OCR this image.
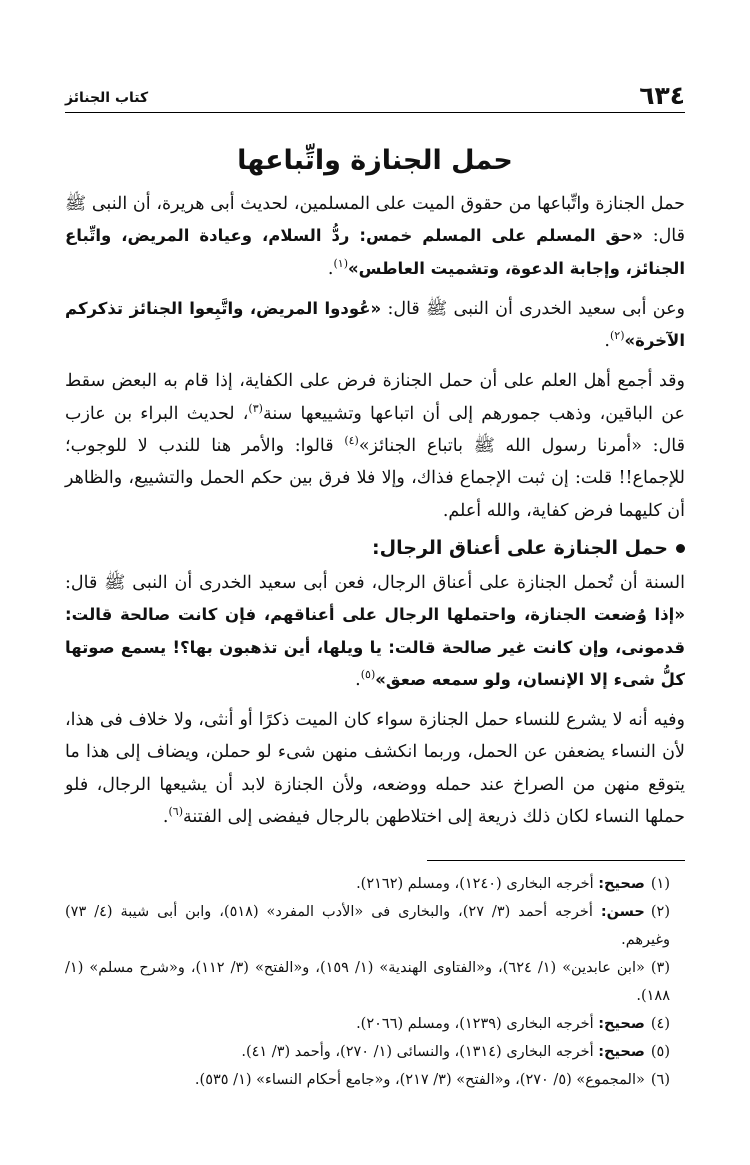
٦٣٤
كتاب الجنائز
حمل الجنازة واتِّباعها

حمل الجنازة واتِّباعها من حقوق الميت على المسلمين، لحديث أبى هريرة، أن النبى ﷺ قال: «حق المسلم على المسلم خمس: ردُّ السلام، وعيادة المريض، واتِّباع الجنائز، وإجابة الدعوة، وتشميت العاطس»$^{(١)}$.

وعن أبى سعيد الخدرى أن النبى ﷺ قال: «عُودوا المريض، واتَّبِعوا الجنائز تذكركم الآخرة»$^{(٢)}$.

وقد أجمع أهل العلم على أن حمل الجنازة فرض على الكفاية، إذا قام به البعض سقط عن الباقين، وذهب جمورهم إلى أن اتباعها وتشييعها سنة$^{(٣)}$، لحديث البراء بن عازب قال: «أمرنا رسول الله ﷺ باتباع الجنائز»$^{(٤)}$ قالوا: والأمر هنا للندب لا للوجوب؛ للإجماع!! قلت: إن ثبت الإجماع فذاك، وإلا فلا فرق بين حكم الحمل والتشييع، والظاهر أن كليهما فرض كفاية، والله أعلم.

حمل الجنازة على أعناق الرجال:

السنة أن تُحمل الجنازة على أعناق الرجال، فعن أبى سعيد الخدرى أن النبى ﷺ قال: «إذا وُضعت الجنازة، واحتملها الرجال على أعناقهم، فإن كانت صالحة قالت: قدمونى، وإن كانت غير صالحة قالت: يا ويلها، أين تذهبون بها؟! يسمع صوتها كلُّ شىء إلا الإنسان، ولو سمعه صعق»$^{(٥)}$.

وفيه أنه لا يشرع للنساء حمل الجنازة سواء كان الميت ذكرًا أو أنثى، ولا خلاف فى هذا، لأن النساء يضعفن عن الحمل، وربما انكشف منهن شىء لو حملن، ويضاف إلى هذا ما يتوقع منهن من الصراخ عند حمله ووضعه، ولأن الجنازة لابد أن يشيعها الرجال، فلو حملها النساء لكان ذلك ذريعة إلى اختلاطهن بالرجال فيفضى إلى الفتنة$^{(٦)}$.

(١)صحيح: أخرجه البخارى (١٢٤٠)، ومسلم (٢١٦٢).

(٢)حسن: أخرجه أحمد (٣/ ٢٧)، والبخارى فى «الأدب المفرد» (٥١٨)، وابن أبى شيبة (٤/ ٧٣) وغيرهم.

(٣)«ابن عابدين» (١/ ٦٢٤)، و«الفتاوى الهندية» (١/ ١٥٩)، و«الفتح» (٣/ ١١٢)، و«شرح مسلم» (١/ ١٨٨).

(٤)صحيح: أخرجه البخارى (١٢٣٩)، ومسلم (٢٠٦٦).

(٥)صحيح: أخرجه البخارى (١٣١٤)، والنسائى (١/ ٢٧٠)، وأحمد (٣/ ٤١).

(٦)«المجموع» (٥/ ٢٧٠)، و«الفتح» (٣/ ٢١٧)، و«جامع أحكام النساء» (١/ ٥٣٥).
